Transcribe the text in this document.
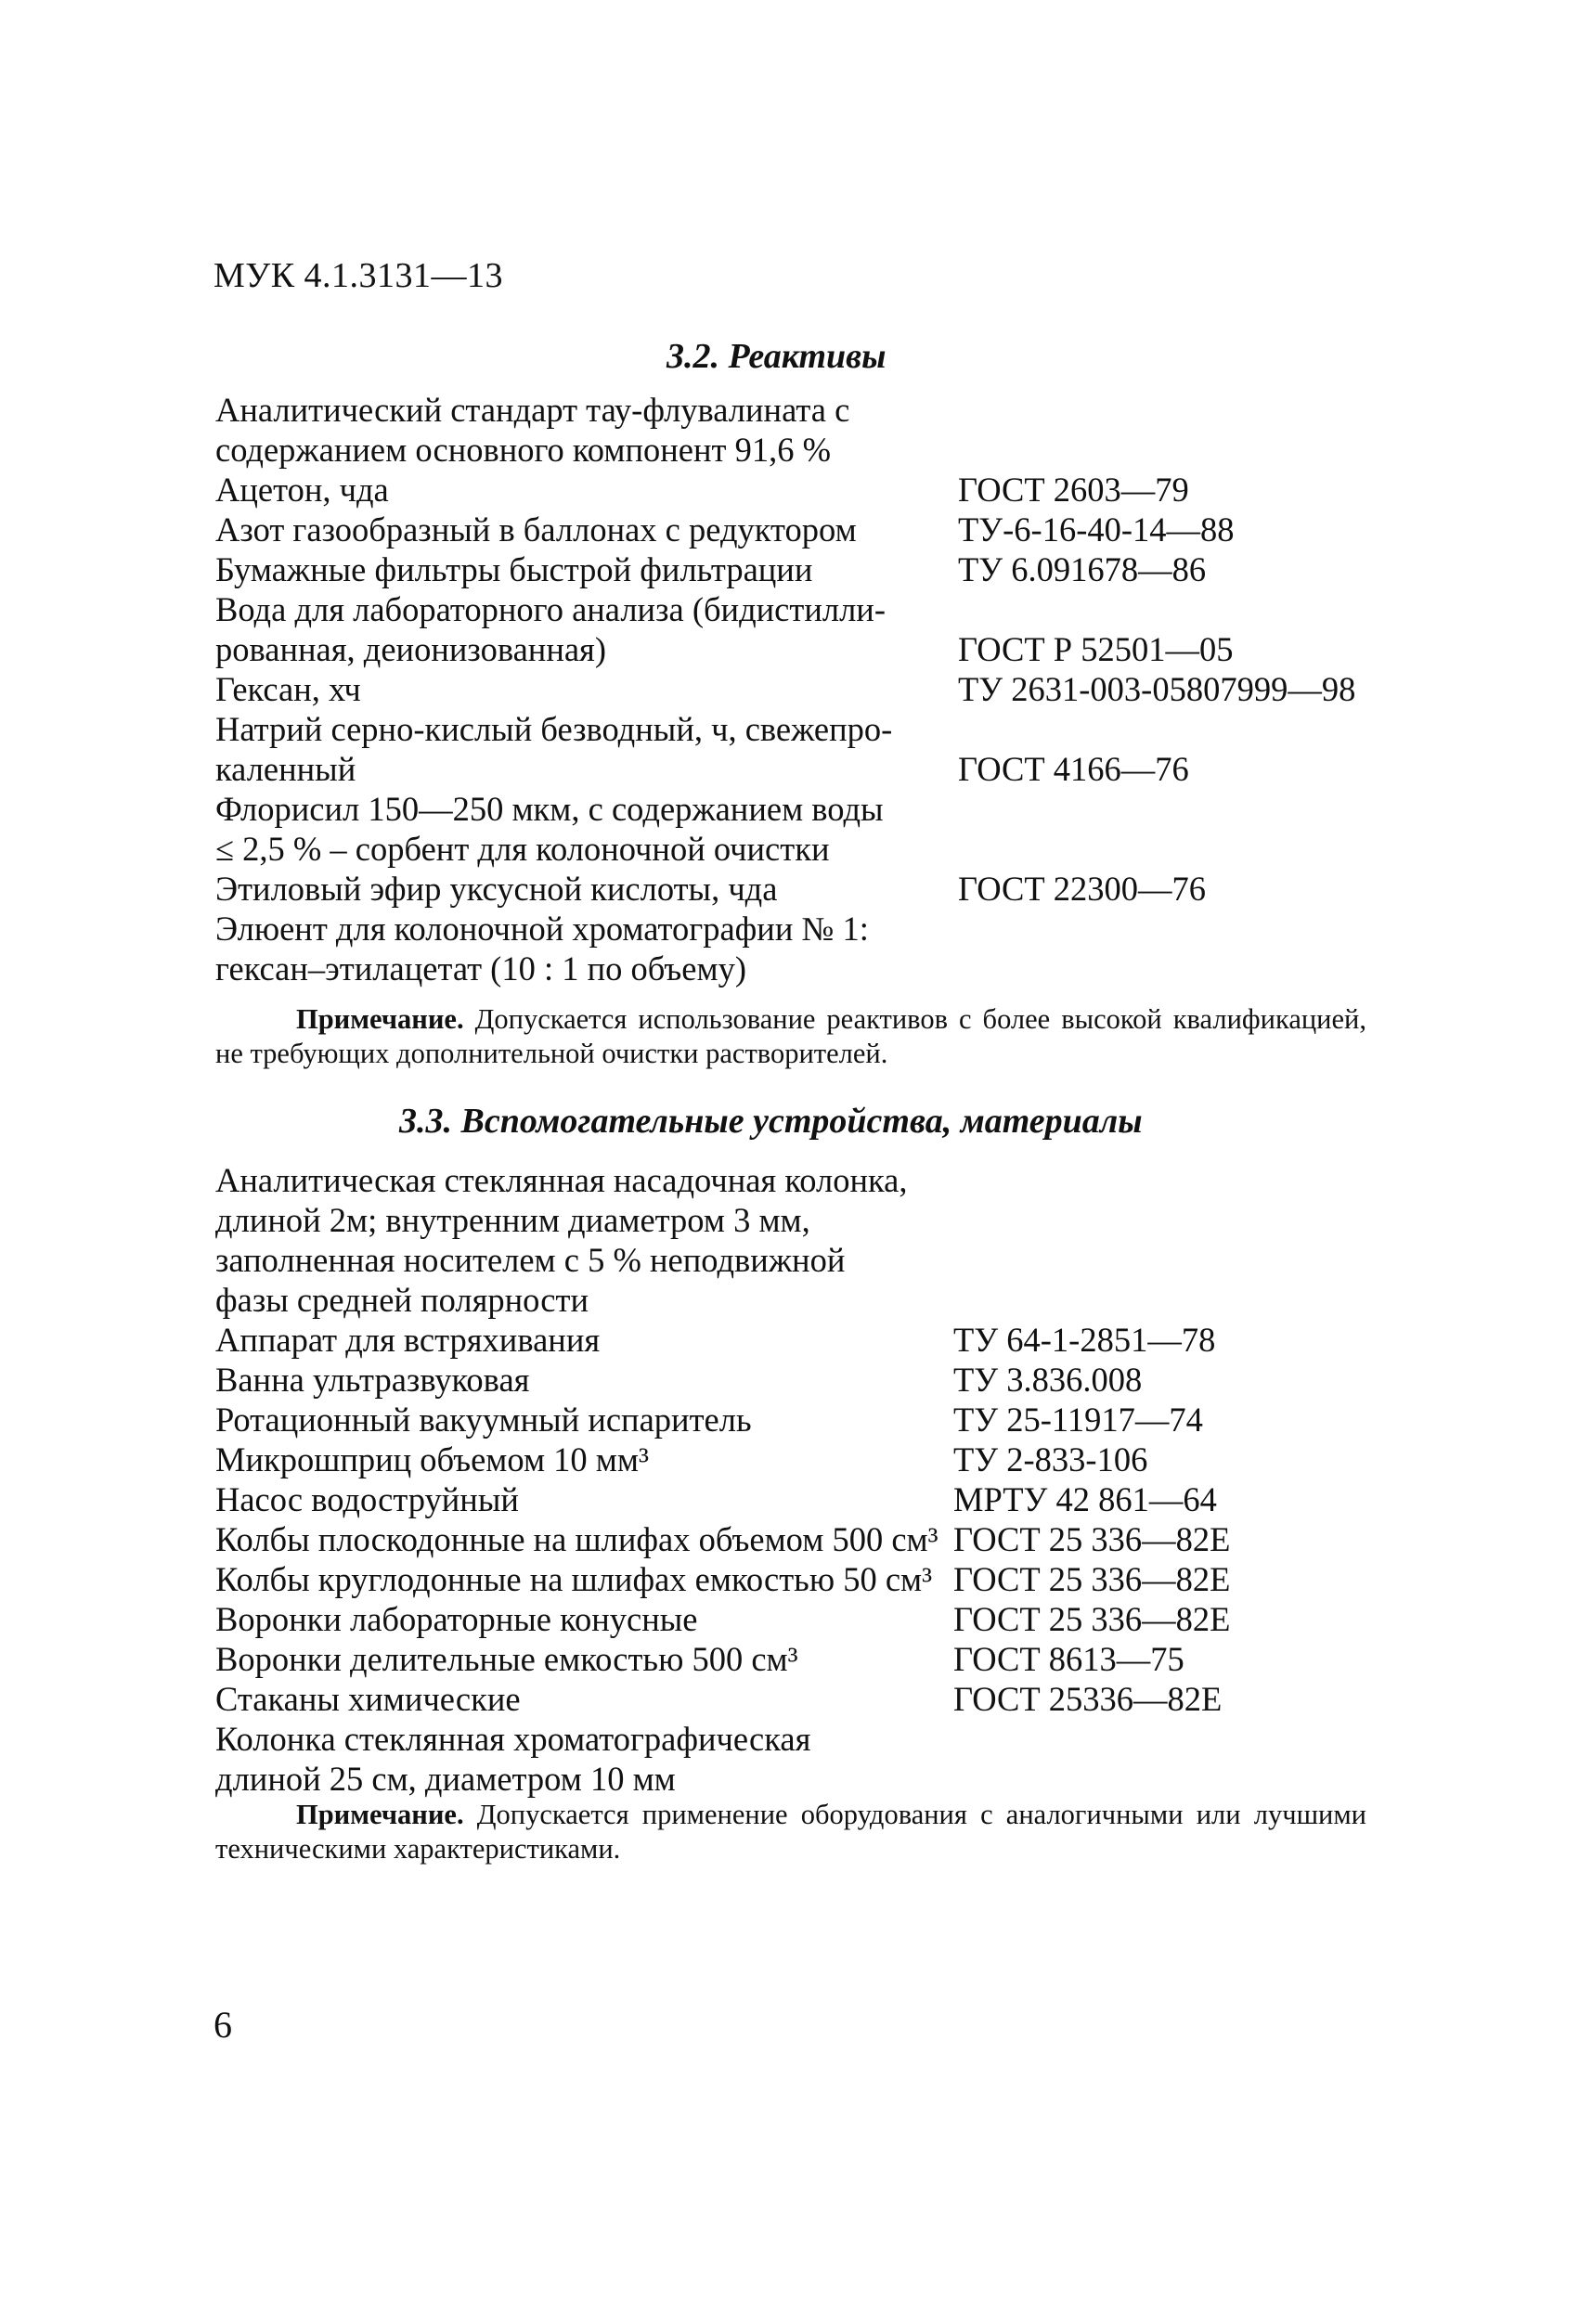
МУК 4.1.3131—13
3.2. Реактивы
Аналитический стандарт тау-флувалината с
содержанием основного компонент 91,6 %
Ацетон, чда	ГОСТ 2603—79
Азот газообразный в баллонах с редуктором	ТУ-6-16-40-14—88
Бумажные фильтры быстрой фильтрации	ТУ 6.091678—86
Вода для лабораторного анализа (бидистилли-
рованная, деионизованная)	ГОСТ Р 52501—05
Гексан, хч	ТУ 2631-003-05807999—98
Натрий серно-кислый безводный, ч, свежепро-
каленный	ГОСТ 4166—76
Флорисил 150—250 мкм, с содержанием воды
≤ 2,5 % – сорбент для колоночной очистки
Этиловый эфир уксусной кислоты, чда	ГОСТ 22300—76
Элюент для колоночной хроматографии № 1:
гексан–этилацетат (10 : 1 по объему)
Примечание. Допускается использование реактивов с более высокой квалификацией, не требующих дополнительной очистки растворителей.
3.3. Вспомогательные устройства, материалы
Аналитическая стеклянная насадочная колонка,
длиной 2м; внутренним диаметром 3 мм,
заполненная носителем с 5 % неподвижной
фазы средней полярности
Аппарат для встряхивания	ТУ 64-1-2851—78
Ванна ультразвуковая	ТУ 3.836.008
Ротационный вакуумный испаритель	ТУ 25-11917—74
Микрошприц объемом 10 мм³	ТУ 2-833-106
Насос водоструйный	МРТУ 42 861—64
Колбы плоскодонные на шлифах объемом 500 см³ ГОСТ 25 336—82Е
Колбы круглодонные на шлифах емкостью 50 см³ ГОСТ 25 336—82Е
Воронки лабораторные конусные	ГОСТ 25 336—82Е
Воронки делительные емкостью 500 см³	ГОСТ 8613—75
Стаканы химические	ГОСТ 25336—82Е
Колонка стеклянная хроматографическая
длиной 25 см, диаметром 10 мм
Примечание. Допускается применение оборудования с аналогичными или лучшими техническими характеристиками.
6
